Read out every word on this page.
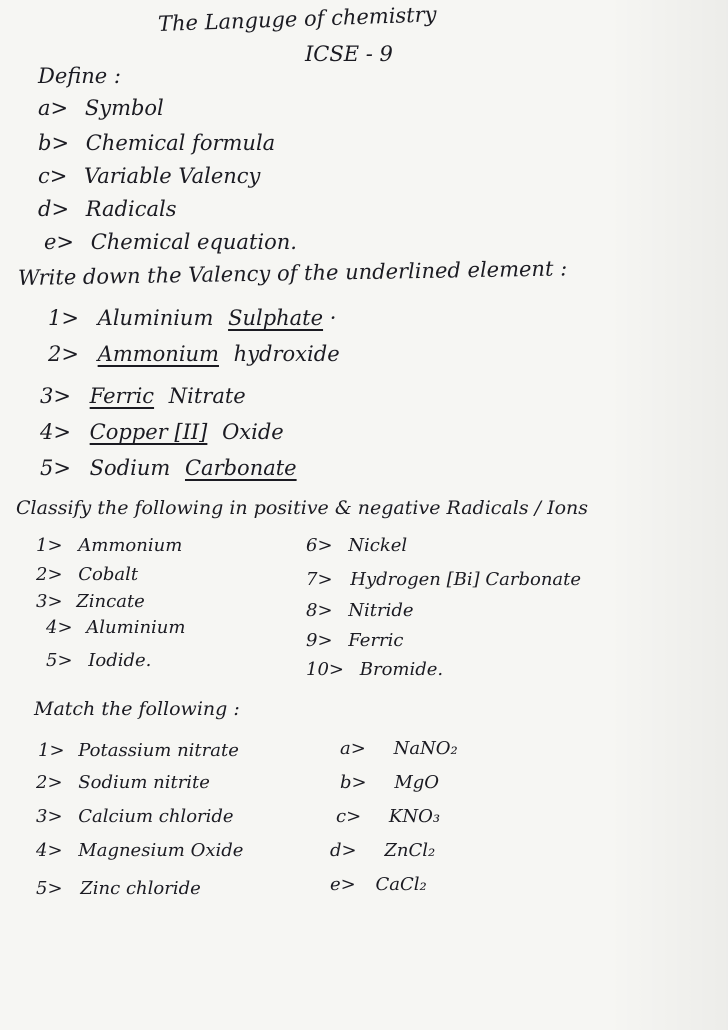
The Languge of chemistry
ICSE - 9
Define :
a> Symbol
b> Chemical formula
c> Variable Valency
d> Radicals
e> Chemical equation.
Write down the Valency of the underlined element :
1> Aluminium Sulphate ·
2> Ammonium hydroxide
3> Ferric Nitrate
4> Copper [II] Oxide
5> Sodium Carbonate
Classify the following in positive & negative Radicals / Ions
1> Ammonium
2> Cobalt
3> Zincate
4> Aluminium
5> Iodide.
6> Nickel
7> Hydrogen [Bi] Carbonate
8> Nitride
9> Ferric
10> Bromide.
Match the following :
1> Potassium nitrate
2> Sodium nitrite
3> Calcium chloride
4> Magnesium Oxide
5> Zinc chloride
a> NaNO₂
b> MgO
c> KNO₃
d> ZnCl₂
e> CaCl₂
